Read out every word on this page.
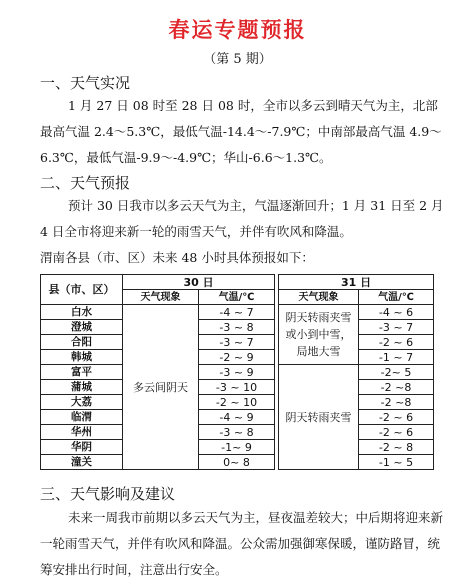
春运专题预报
（第 5 期）
一、天气实况
1 月 27 日 08 时至 28 日 08 时，全市以多云到晴天气为主，北部最高气温 2.4～5.3℃，最低气温-14.4～-7.9℃；中南部最高气温 4.9～6.3℃，最低气温-9.9～-4.9℃；华山-6.6～1.3℃。
二、天气预报
预计 30 日我市以多云天气为主，气温逐渐回升；1 月 31 日至 2 月 4 日全市将迎来新一轮的雨雪天气，并伴有吹风和降温。
渭南各县（市、区）未来 48 小时具体预报如下：
县（市、区）	30 日			31 日	
	天气现象	气温/℃		天气现象	气温/℃
白水	多云间阴天	-4 ~ 7		阴天转雨夹雪或小到中雪，局地大雪	-4 ~ 6
澄城		-3 ~ 8			-3 ~ 7
合阳		-3 ~ 7			-2 ~ 6
韩城		-2 ~ 9			-1 ~ 7
富平		-3 ~ 9		阴天转雨夹雪	-2~ 5
蒲城		-3 ~ 10			-2 ~8
大荔		-2 ~ 10			-2 ~8
临渭		-4 ~ 9			-2 ~ 6
华州		-3 ~ 8			-2 ~ 6
华阴		-1~ 9			-2 ~ 8
潼关		0~ 8			-1 ~ 5
三、天气影响及建议
未来一周我市前期以多云天气为主，昼夜温差较大；中后期将迎来新一轮雨雪天气，并伴有吹风和降温。公众需加强御寒保暖，谨防路冒，统筹安排出行时间，注意出行安全。
